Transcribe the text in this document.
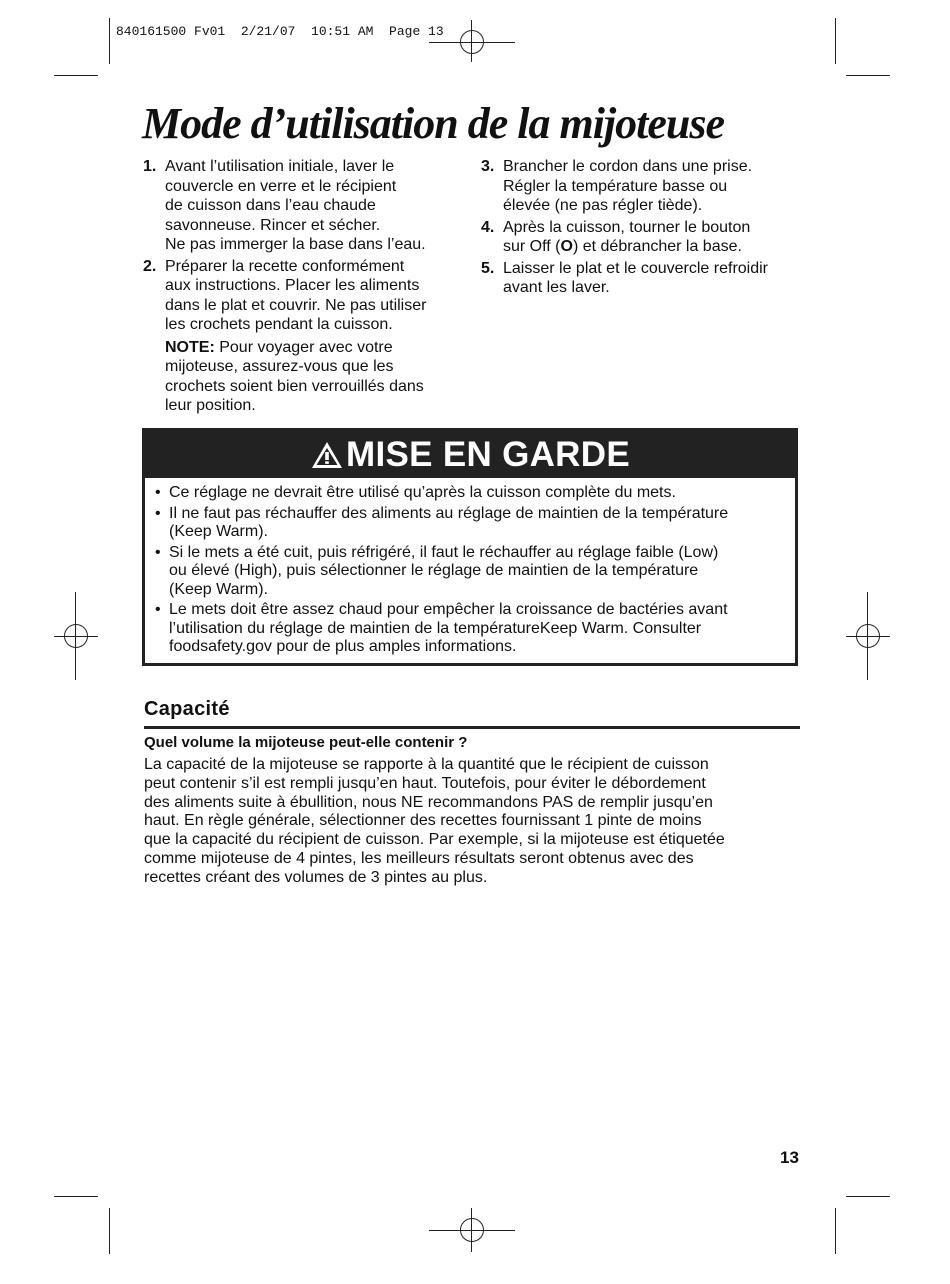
840161500 Fv01  2/21/07  10:51 AM  Page 13
Mode d’utilisation de la mijoteuse
1. Avant l’utilisation initiale, laver le
couvercle en verre et le récipient
de cuisson dans l’eau chaude
savonneuse. Rincer et sécher.
Ne pas immerger la base dans l’eau.
2. Préparer la recette conformément
aux instructions. Placer les aliments
dans le plat et couvrir. Ne pas utiliser
les crochets pendant la cuisson.
NOTE: Pour voyager avec votre
mijoteuse, assurez-vous que les
crochets soient bien verrouillés dans
leur position.
3. Brancher le cordon dans une prise.
Régler la température basse ou
élevée (ne pas régler tiède).
4. Après la cuisson, tourner le bouton
sur Off (O) et débrancher la base.
5. Laisser le plat et le couvercle refroidir
avant les laver.
MISE EN GARDE
• Ce réglage ne devrait être utilisé qu’après la cuisson complète du mets.
• Il ne faut pas réchauffer des aliments au réglage de maintien de la température
(Keep Warm).
• Si le mets a été cuit, puis réfrigéré, il faut le réchauffer au réglage faible (Low)
ou élevé (High), puis sélectionner le réglage de maintien de la température
(Keep Warm).
• Le mets doit être assez chaud pour empêcher la croissance de bactéries avant
l’utilisation du réglage de maintien de la températureKeep Warm. Consulter
foodsafety.gov pour de plus amples informations.
Capacité
Quel volume la mijoteuse peut-elle contenir ?
La capacité de la mijoteuse se rapporte à la quantité que le récipient de cuisson
peut contenir s’il est rempli jusqu’en haut. Toutefois, pour éviter le débordement
des aliments suite à ébullition, nous NE recommandons PAS de remplir jusqu’en
haut. En règle générale, sélectionner des recettes fournissant 1 pinte de moins
que la capacité du récipient de cuisson. Par exemple, si la mijoteuse est étiquetée
comme mijoteuse de 4 pintes, les meilleurs résultats seront obtenus avec des
recettes créant des volumes de 3 pintes au plus.
13
